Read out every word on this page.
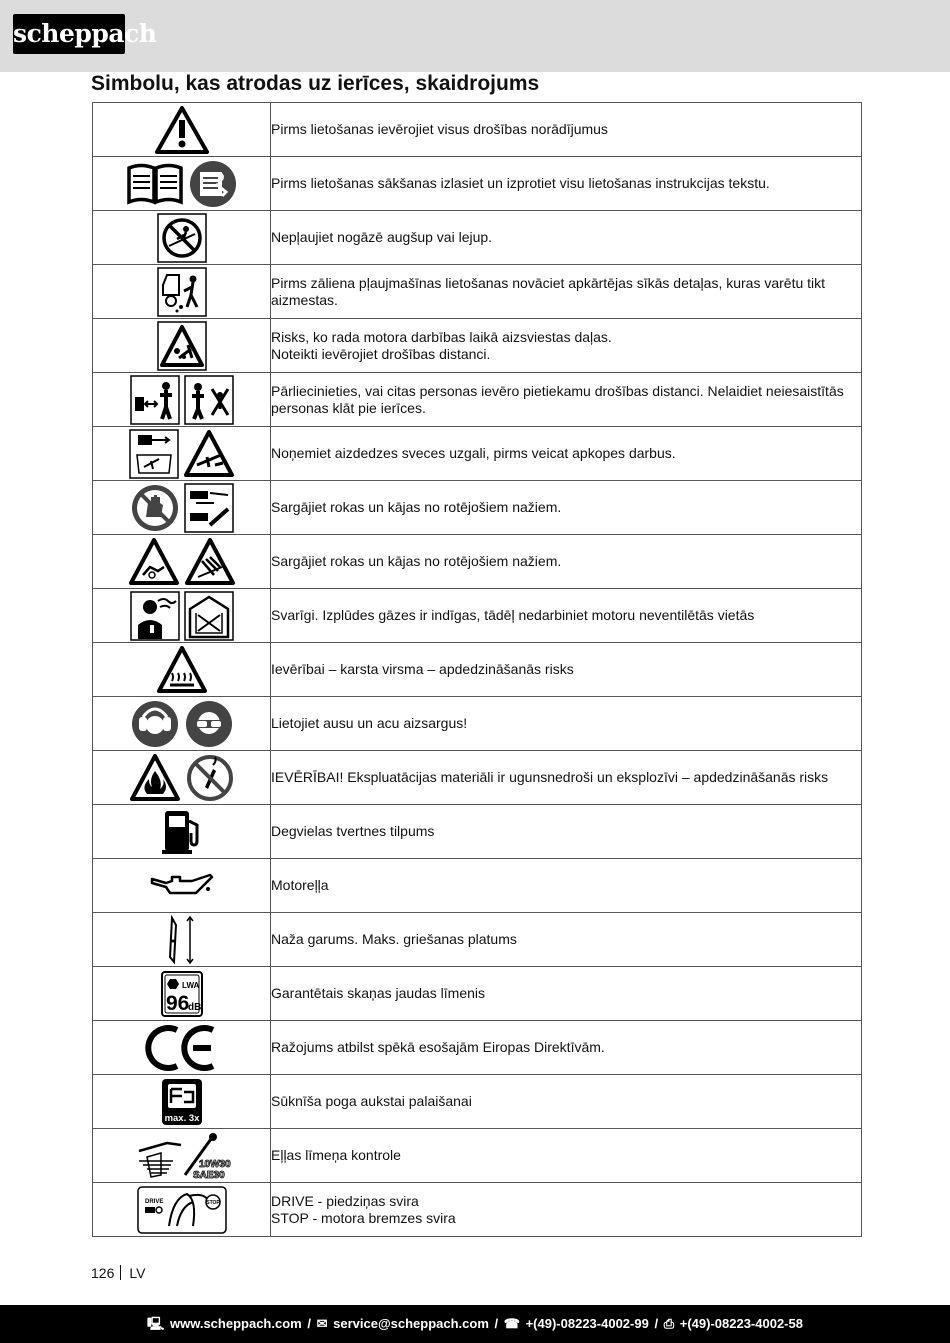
scheppach
Simbolu, kas atrodas uz ierīces, skaidrojums
	Pirms lietošanas ievērojiet visus drošības norādījumus

	Pirms lietošanas sākšanas izlasiet un izprotiet visu lietošanas instrukcijas tekstu.

	Nepļaujiet nogāzē augšup vai lejup.

	Pirms zāliena pļaujmašīnas lietošanas novāciet apkārtējas sīkās detaļas, kuras varētu tikt aizmestas.

	Risks, ko rada motora darbības laikā aizsviestas daļas.
Noteikti ievērojiet drošības distanci.

	Pārliecinieties, vai citas personas ievēro pietiekamu drošības distanci. Nelaidiet neiesaistītās personas klāt pie ierīces.

	Noņemiet aizdedzes sveces uzgali, pirms veicat apkopes darbus.

	Sargājiet rokas un kājas no rotējošiem nažiem.

	Sargājiet rokas un kājas no rotējošiem nažiem.

	Svarīgi. Izplūdes gāzes ir indīgas, tādēļ nedarbiniet motoru neventilētās vietās

	Ievērībai – karsta virsma – apdedzināšanās risks

	Lietojiet ausu un acu aizsargus!

	IEVĒRĪBAI! Ekspluatācijas materiāli ir ugunsnedroši un eksplozīvi – apdedzināšanās risks

	Degvielas tvertnes tilpums

	Motoreļļa

	Naža garums. Maks. griešanas platums

LWA
96
dB	Garantētais skaņas jaudas līmenis

	Ražojums atbilst spēkā esošajām Eiropas Direktīvām.

max. 3x	Sūknīša poga aukstai palaišanai

10W30
SAE30	Eļļas līmeņa kontrole

DRIVE STOP	DRIVE - piedziņas svira
STOP - motora bremzes svira
126 LV
🖳 www.scheppach.com / ✉ service@scheppach.com / ☎ +(49)-08223-4002-99 / ⎙ +(49)-08223-4002-58
